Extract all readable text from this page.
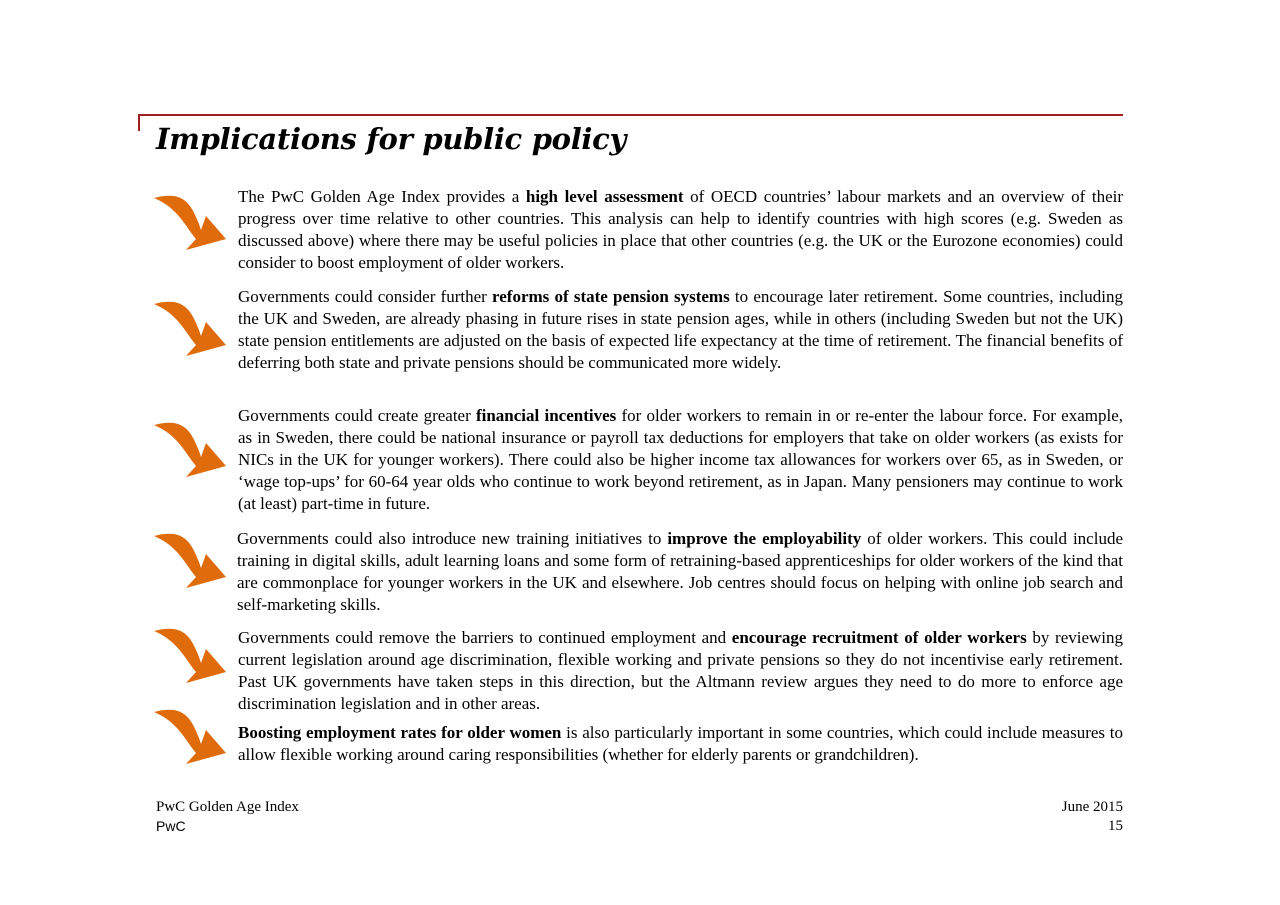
Implications for public policy

The PwC Golden Age Index provides a high level assessment of OECD countries’ labour markets and an overview of their progress over time relative to other countries. This analysis can help to identify countries with high scores (e.g. Sweden as discussed above) where there may be useful policies in place that other countries (e.g. the UK or the Eurozone economies) could consider to boost employment of older workers.

Governments could consider further reforms of state pension systems to encourage later retirement. Some countries, including the UK and Sweden, are already phasing in future rises in state pension ages, while in others (including Sweden but not the UK) state pension entitlements are adjusted on the basis of expected life expectancy at the time of retirement. The financial benefits of deferring both state and private pensions should be communicated more widely.

Governments could create greater financial incentives for older workers to remain in or re-enter the labour force. For example, as in Sweden, there could be national insurance or payroll tax deductions for employers that take on older workers (as exists for NICs in the UK for younger workers). There could also be higher income tax allowances for workers over 65, as in Sweden, or ‘wage top-ups’ for 60-64 year olds who continue to work beyond retirement, as in Japan. Many pensioners may continue to work (at least) part-time in future.

Governments could also introduce new training initiatives to improve the employability of older workers. This could include training in digital skills, adult learning loans and some form of retraining-based apprenticeships for older workers of the kind that are commonplace for younger workers in the UK and elsewhere. Job centres should focus on helping with online job search and self-marketing skills.

Governments could remove the barriers to continued employment and encourage recruitment of older workers by reviewing current legislation around age discrimination, flexible working and private pensions so they do not incentivise early retirement. Past UK governments have taken steps in this direction, but the Altmann review argues they need to do more to enforce age discrimination legislation and in other areas.

Boosting employment rates for older women is also particularly important in some countries, which could include measures to allow flexible working around caring responsibilities (whether for elderly parents or grandchildren).

PwC Golden Age Index
PwC
June 2015
15
